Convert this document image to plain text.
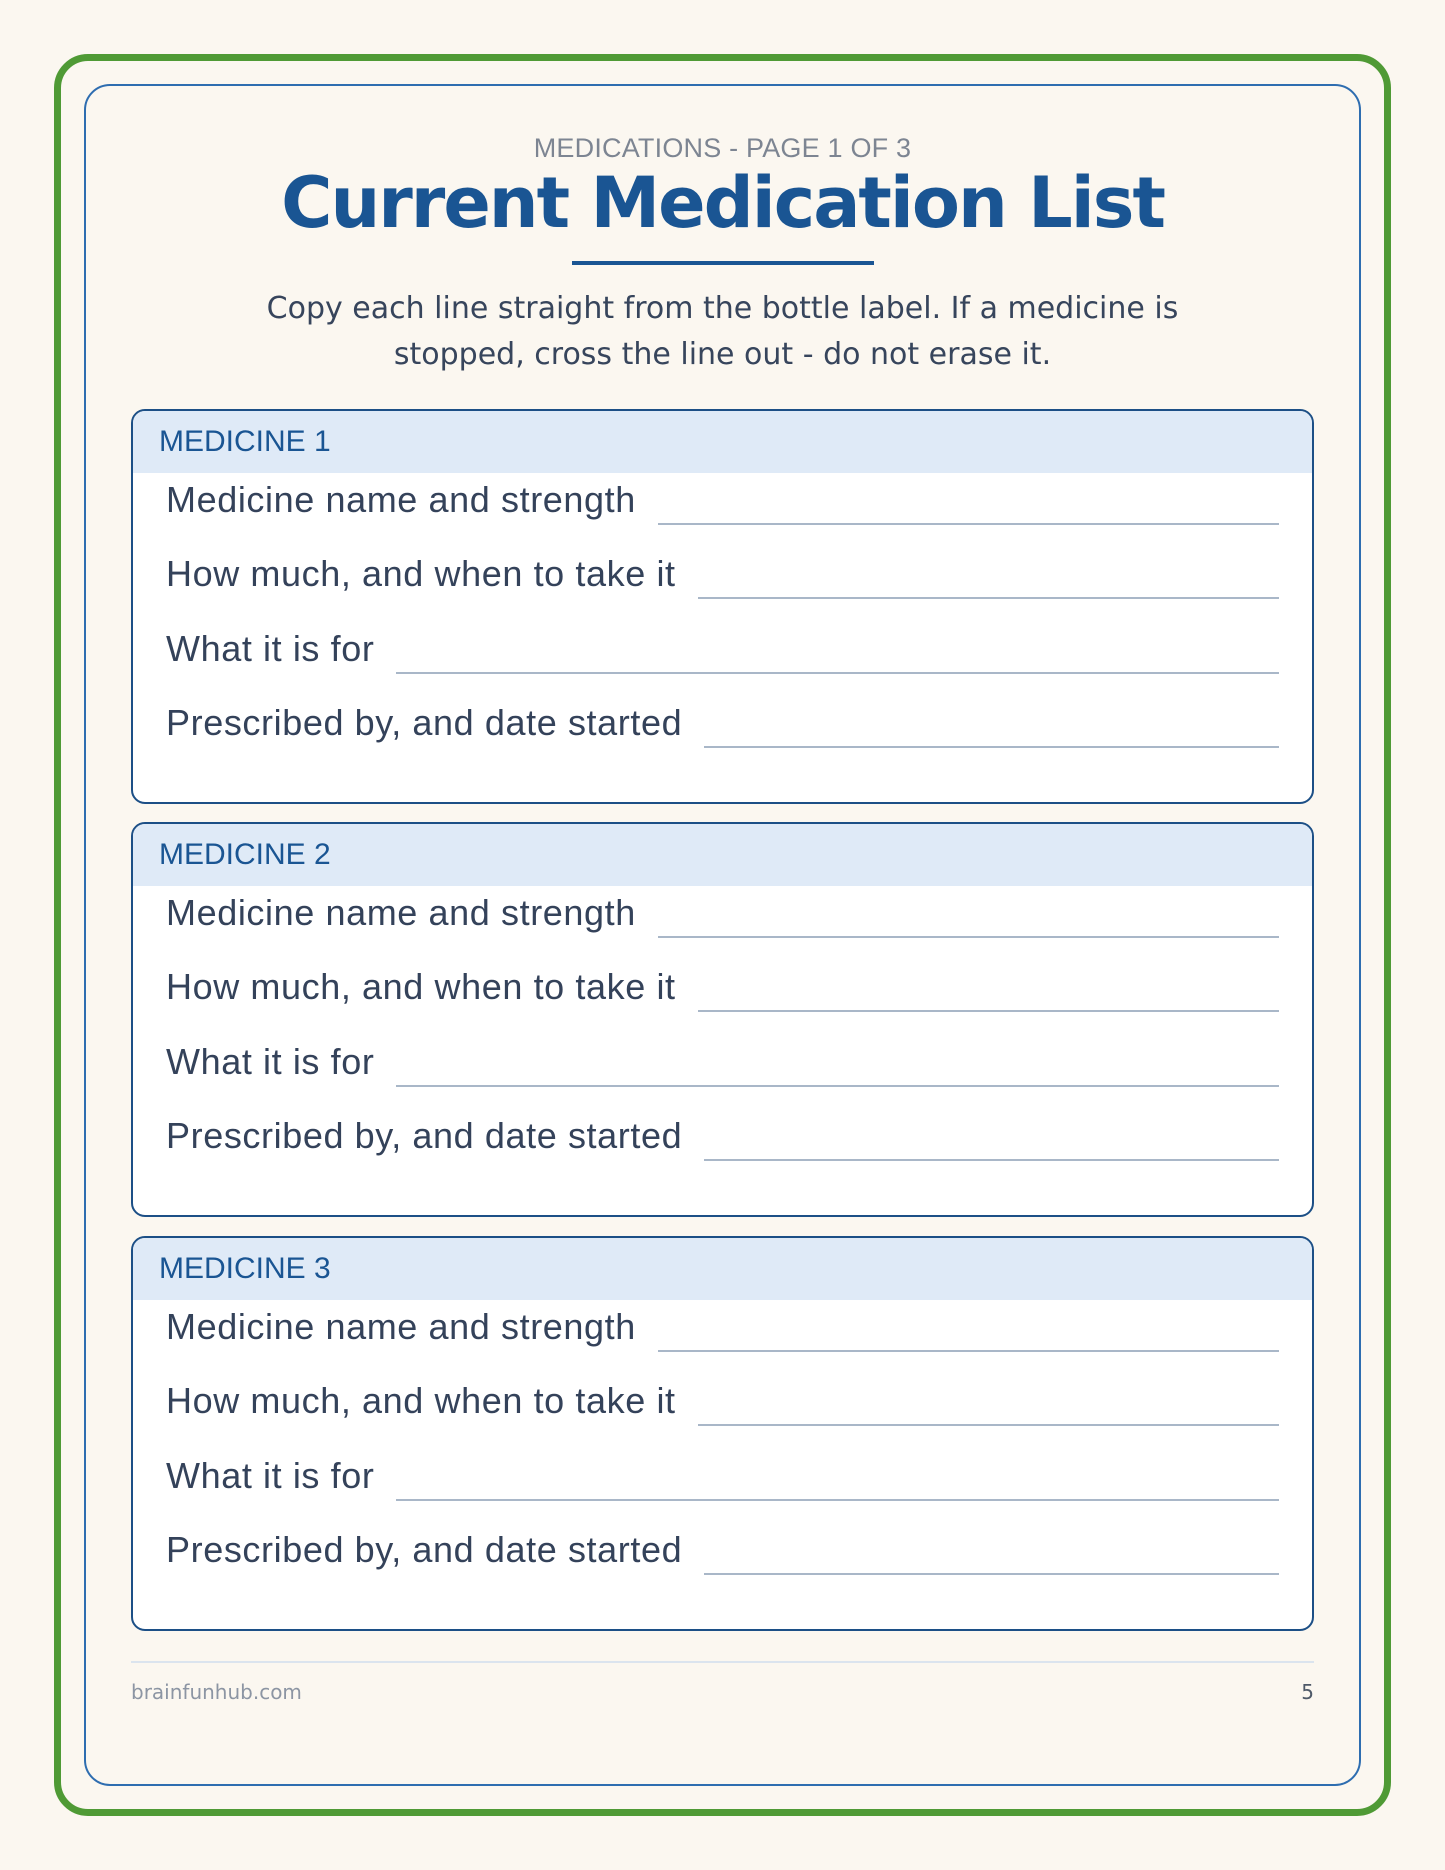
MEDICATIONS - PAGE 1 OF 3
Current Medication List
Copy each line straight from the bottle label. If a medicine is
stopped, cross the line out - do not erase it.
MEDICINE 1
Medicine name and strength
How much, and when to take it
What it is for
Prescribed by, and date started
MEDICINE 2
Medicine name and strength
How much, and when to take it
What it is for
Prescribed by, and date started
MEDICINE 3
Medicine name and strength
How much, and when to take it
What it is for
Prescribed by, and date started
brainfunhub.com	5
